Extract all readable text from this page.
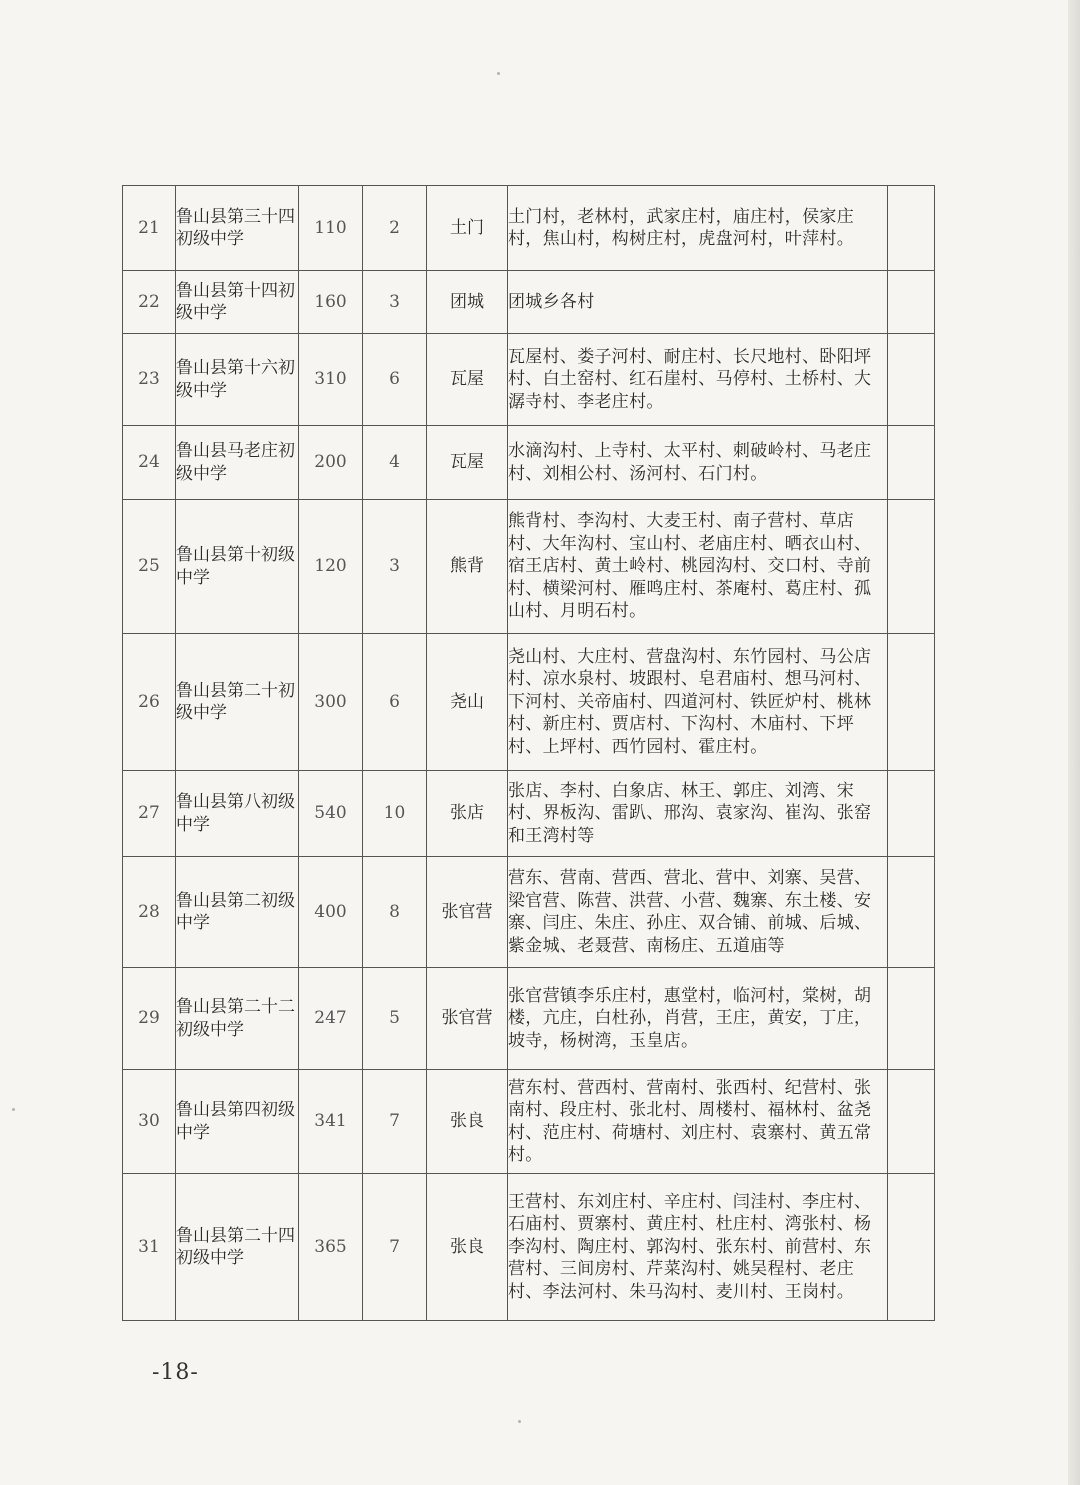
21	鲁山县第三十四初级中学	110	2	土门	土门村，老林村，武家庄村，庙庄村，侯家庄村，焦山村，构树庄村，虎盘河村，叶萍村。	
22	鲁山县第十四初级中学	160	3	团城	团城乡各村	
23	鲁山县第十六初级中学	310	6	瓦屋	瓦屋村、娄子河村、耐庄村、长尺地村、卧阳坪村、白土窑村、红石崖村、马停村、土桥村、大潺寺村、李老庄村。	
24	鲁山县马老庄初级中学	200	4	瓦屋	水滴沟村、上寺村、太平村、刺破岭村、马老庄村、刘相公村、汤河村、石门村。	
25	鲁山县第十初级中学	120	3	熊背	熊背村、李沟村、大麦王村、南子营村、草店村、大年沟村、宝山村、老庙庄村、晒衣山村、宿王店村、黄土岭村、桃园沟村、交口村、寺前村、横梁河村、雁鸣庄村、茶庵村、葛庄村、孤山村、月明石村。	
26	鲁山县第二十初级中学	300	6	尧山	尧山村、大庄村、营盘沟村、东竹园村、马公店村、凉水泉村、坡跟村、皂君庙村、想马河村、下河村、关帝庙村、四道河村、铁匠炉村、桃林村、新庄村、贾店村、下沟村、木庙村、下坪村、上坪村、西竹园村、霍庄村。	
27	鲁山县第八初级中学	540	10	张店	张店、李村、白象店、林王、郭庄、刘湾、宋村、界板沟、雷趴、邢沟、袁家沟、崔沟、张窑和王湾村等	
28	鲁山县第二初级中学	400	8	张官营	营东、营南、营西、营北、营中、刘寨、吴营、梁官营、陈营、洪营、小营、魏寨、东土楼、安寨、闫庄、朱庄、孙庄、双合铺、前城、后城、紫金城、老聂营、南杨庄、五道庙等	
29	鲁山县第二十二初级中学	247	5	张官营	张官营镇李乐庄村，惠堂村，临河村，棠树，胡楼，亢庄，白杜孙，肖营，王庄，黄安，丁庄，坡寺，杨树湾，玉皇店。	
30	鲁山县第四初级中学	341	7	张良	营东村、营西村、营南村、张西村、纪营村、张南村、段庄村、张北村、周楼村、福林村、盆尧村、范庄村、荷塘村、刘庄村、袁寨村、黄五常村。	
31	鲁山县第二十四初级中学	365	7	张良	王营村、东刘庄村、辛庄村、闫洼村、李庄村、石庙村、贾寨村、黄庄村、杜庄村、湾张村、杨李沟村、陶庄村、郭沟村、张东村、前营村、东营村、三间房村、芹菜沟村、姚吴程村、老庄村、李法河村、朱马沟村、麦川村、王岗村。	
-18-
